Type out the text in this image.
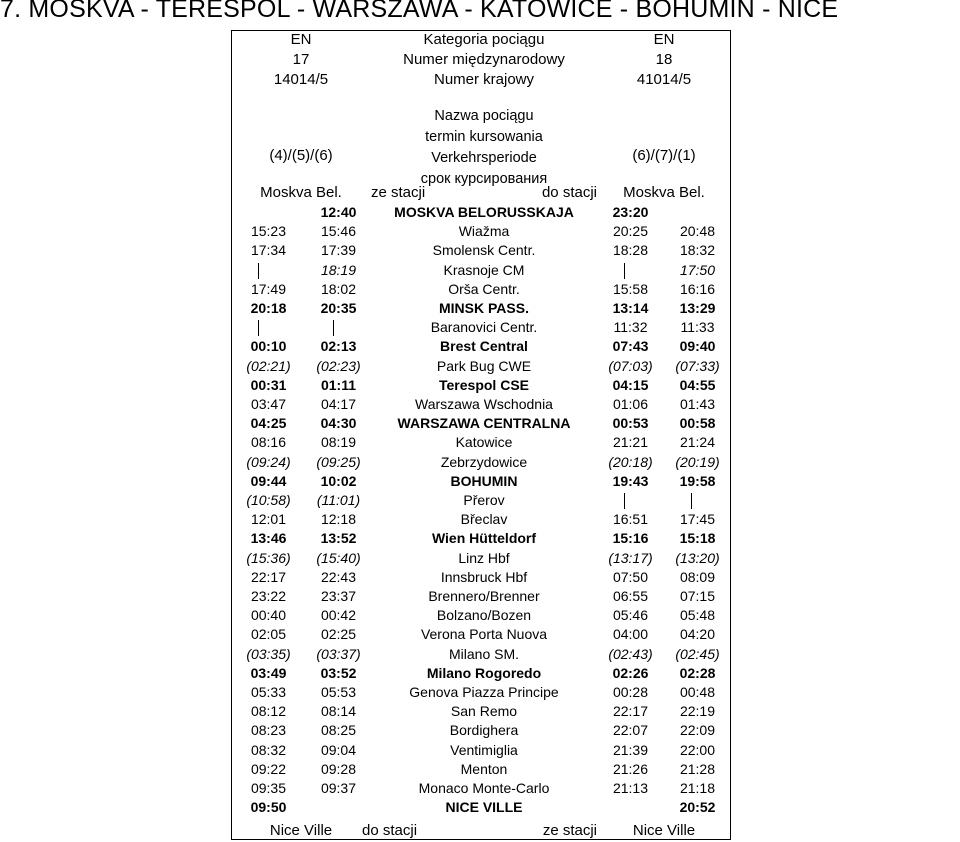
7. MOSKVA - TERESPOL - WARSZAWA - KATOWICE - BOHUMIN - NICE
EN
17
14014/5
Kategoria pociągu
Numer międzynarodowy
Numer krajowy
EN
18
41014/5
Nazwa pociągu
termin kursowania
Verkehrsperiode
срок курсирования
(4)/(5)/(6)	(6)/(7)/(1)
Moskva Bel.	ze stacji	do stacji	Moskva Bel.
12:40	MOSKVA BELORUSSKAJA	23:20
15:23	15:46	Wiažma	20:25	20:48
17:34	17:39	Smolensk Centr.	18:28	18:32
18:19	Krasnoje CM	17:50
17:49	18:02	Orša Centr.	15:58	16:16
20:18	20:35	MINSK PASS.	13:14	13:29
Baranovici Centr.	11:32	11:33
00:10	02:13	Brest Central	07:43	09:40
(02:21)	(02:23)	Park Bug CWE	(07:03)	(07:33)
00:31	01:11	Terespol CSE	04:15	04:55
03:47	04:17	Warszawa Wschodnia	01:06	01:43
04:25	04:30	WARSZAWA CENTRALNA	00:53	00:58
08:16	08:19	Katowice	21:21	21:24
(09:24)	(09:25)	Zebrzydowice	(20:18)	(20:19)
09:44	10:02	BOHUMIN	19:43	19:58
(10:58)	(11:01)	Přerov
12:01	12:18	Břeclav	16:51	17:45
13:46	13:52	Wien Hütteldorf	15:16	15:18
(15:36)	(15:40)	Linz Hbf	(13:17)	(13:20)
22:17	22:43	Innsbruck Hbf	07:50	08:09
23:22	23:37	Brennero/Brenner	06:55	07:15
00:40	00:42	Bolzano/Bozen	05:46	05:48
02:05	02:25	Verona Porta Nuova	04:00	04:20
(03:35)	(03:37)	Milano SM.	(02:43)	(02:45)
03:49	03:52	Milano Rogoredo	02:26	02:28
05:33	05:53	Genova Piazza Principe	00:28	00:48
08:12	08:14	San Remo	22:17	22:19
08:23	08:25	Bordighera	22:07	22:09
08:32	09:04	Ventimiglia	21:39	22:00
09:22	09:28	Menton	21:26	21:28
09:35	09:37	Monaco Monte-Carlo	21:13	21:18
09:50	NICE VILLE	20:52
Nice Ville	do stacji	ze stacji	Nice Ville
